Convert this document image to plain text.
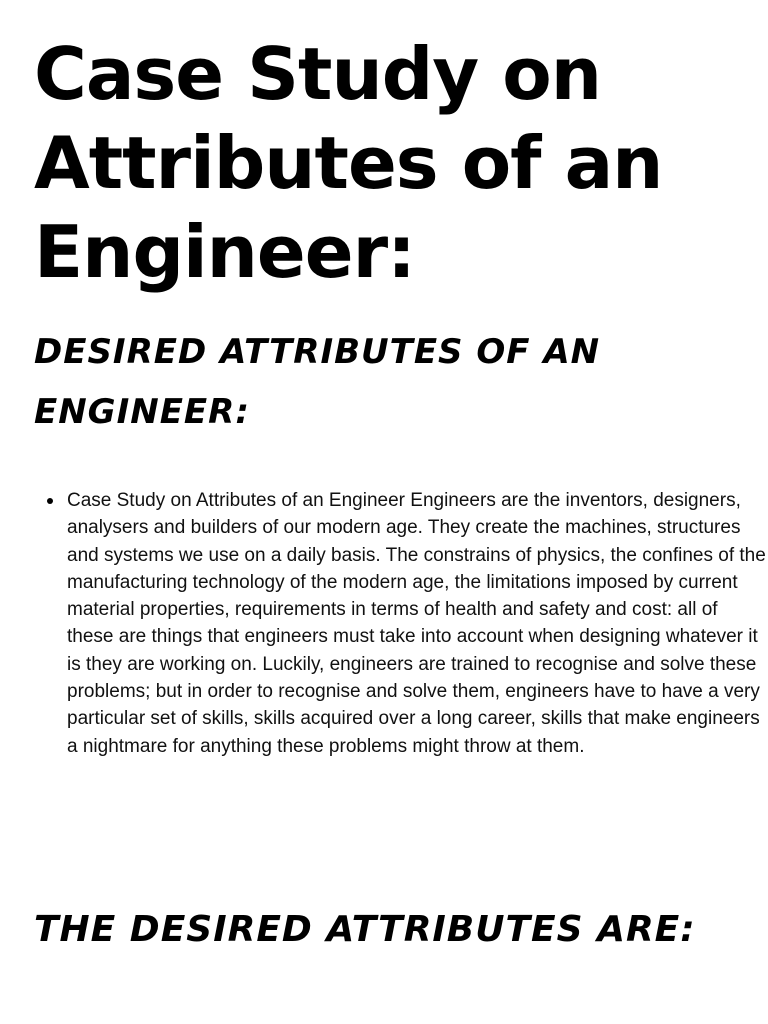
Case Study on Attributes of an Engineer:
DESIRED ATTRIBUTES OF AN ENGINEER:
Case Study on Attributes of an Engineer Engineers are the inventors, designers, analysers and builders of our modern age. They create the machines, structures and systems we use on a daily basis. The constrains of physics, the confines of the manufacturing technology of the modern age, the limitations imposed by current material properties, requirements in terms of health and safety and cost: all of these are things that engineers must take into account when designing whatever it is they are working on. Luckily, engineers are trained to recognise and solve these problems; but in order to recognise and solve them, engineers have to have a very particular set of skills, skills acquired over a long career, skills that make engineers a nightmare for anything these problems might throw at them.
THE DESIRED ATTRIBUTES ARE:
